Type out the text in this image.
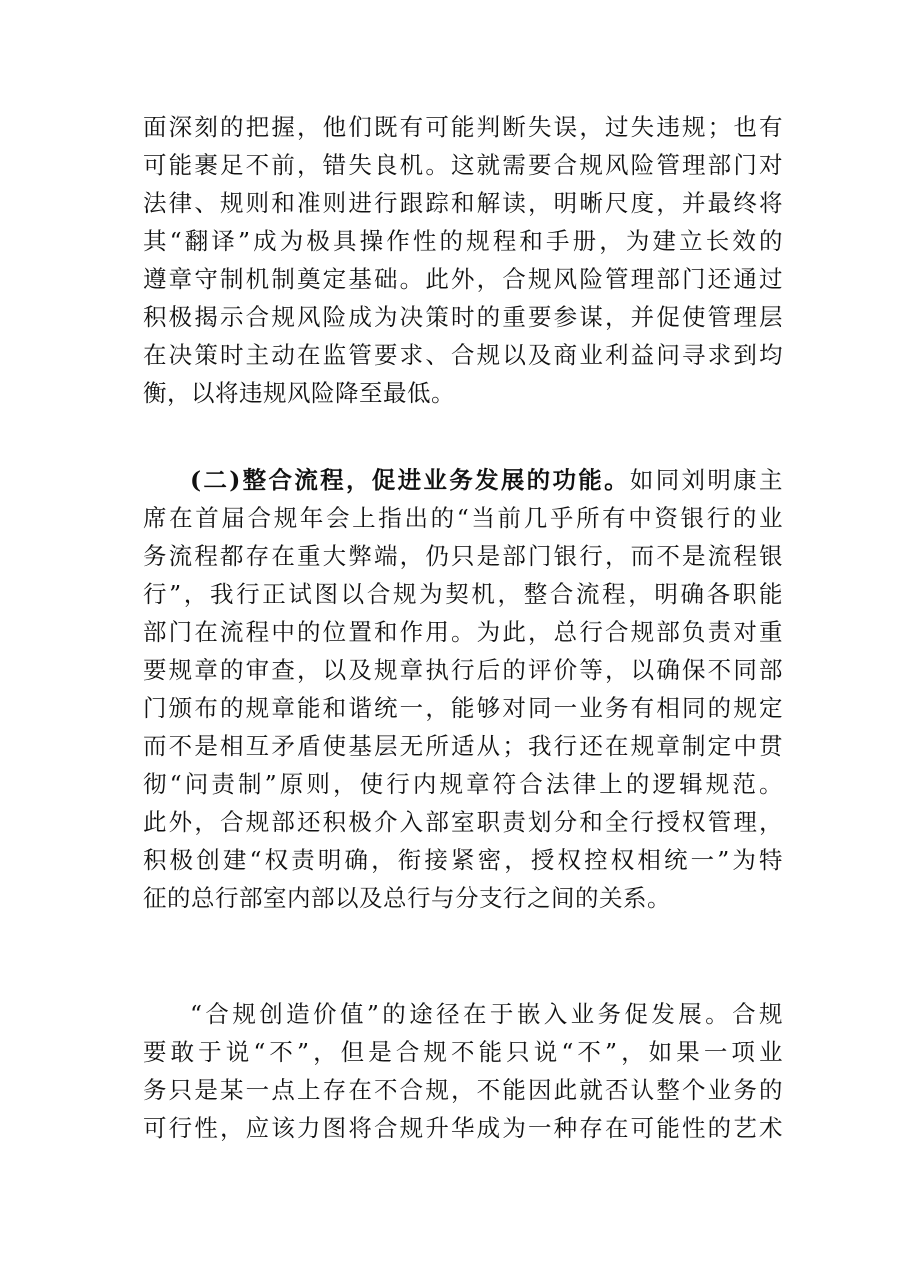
面深刻的把握，他们既有可能判断失误，过失违规；也有
可能裹足不前，错失良机。这就需要合规风险管理部门对
法律、规则和准则进行跟踪和解读，明晰尺度，并最终将
其“翻译”成为极具操作性的规程和手册，为建立长效的
遵章守制机制奠定基础。此外，合规风险管理部门还通过
积极揭示合规风险成为决策时的重要参谋，并促使管理层
在决策时主动在监管要求、合规以及商业利益问寻求到均
衡，以将违规风险降至最低。
(二)整合流程，促进业务发展的功能。如同刘明康主
席在首届合规年会上指出的“当前几乎所有中资银行的业
务流程都存在重大弊端，仍只是部门银行，而不是流程银
行”，我行正试图以合规为契机，整合流程，明确各职能
部门在流程中的位置和作用。为此，总行合规部负责对重
要规章的审查，以及规章执行后的评价等，以确保不同部
门颁布的规章能和谐统一，能够对同一业务有相同的规定
而不是相互矛盾使基层无所适从；我行还在规章制定中贯
彻“问责制”原则，使行内规章符合法律上的逻辑规范。
此外，合规部还积极介入部室职责划分和全行授权管理，
积极创建“权责明确，衔接紧密，授权控权相统一”为特
征的总行部室内部以及总行与分支行之间的关系。
“合规创造价值”的途径在于嵌入业务促发展。合规
要敢于说“不”，但是合规不能只说“不”，如果一项业
务只是某一点上存在不合规，不能因此就否认整个业务的
可行性，应该力图将合规升华成为一种存在可能性的艺术
